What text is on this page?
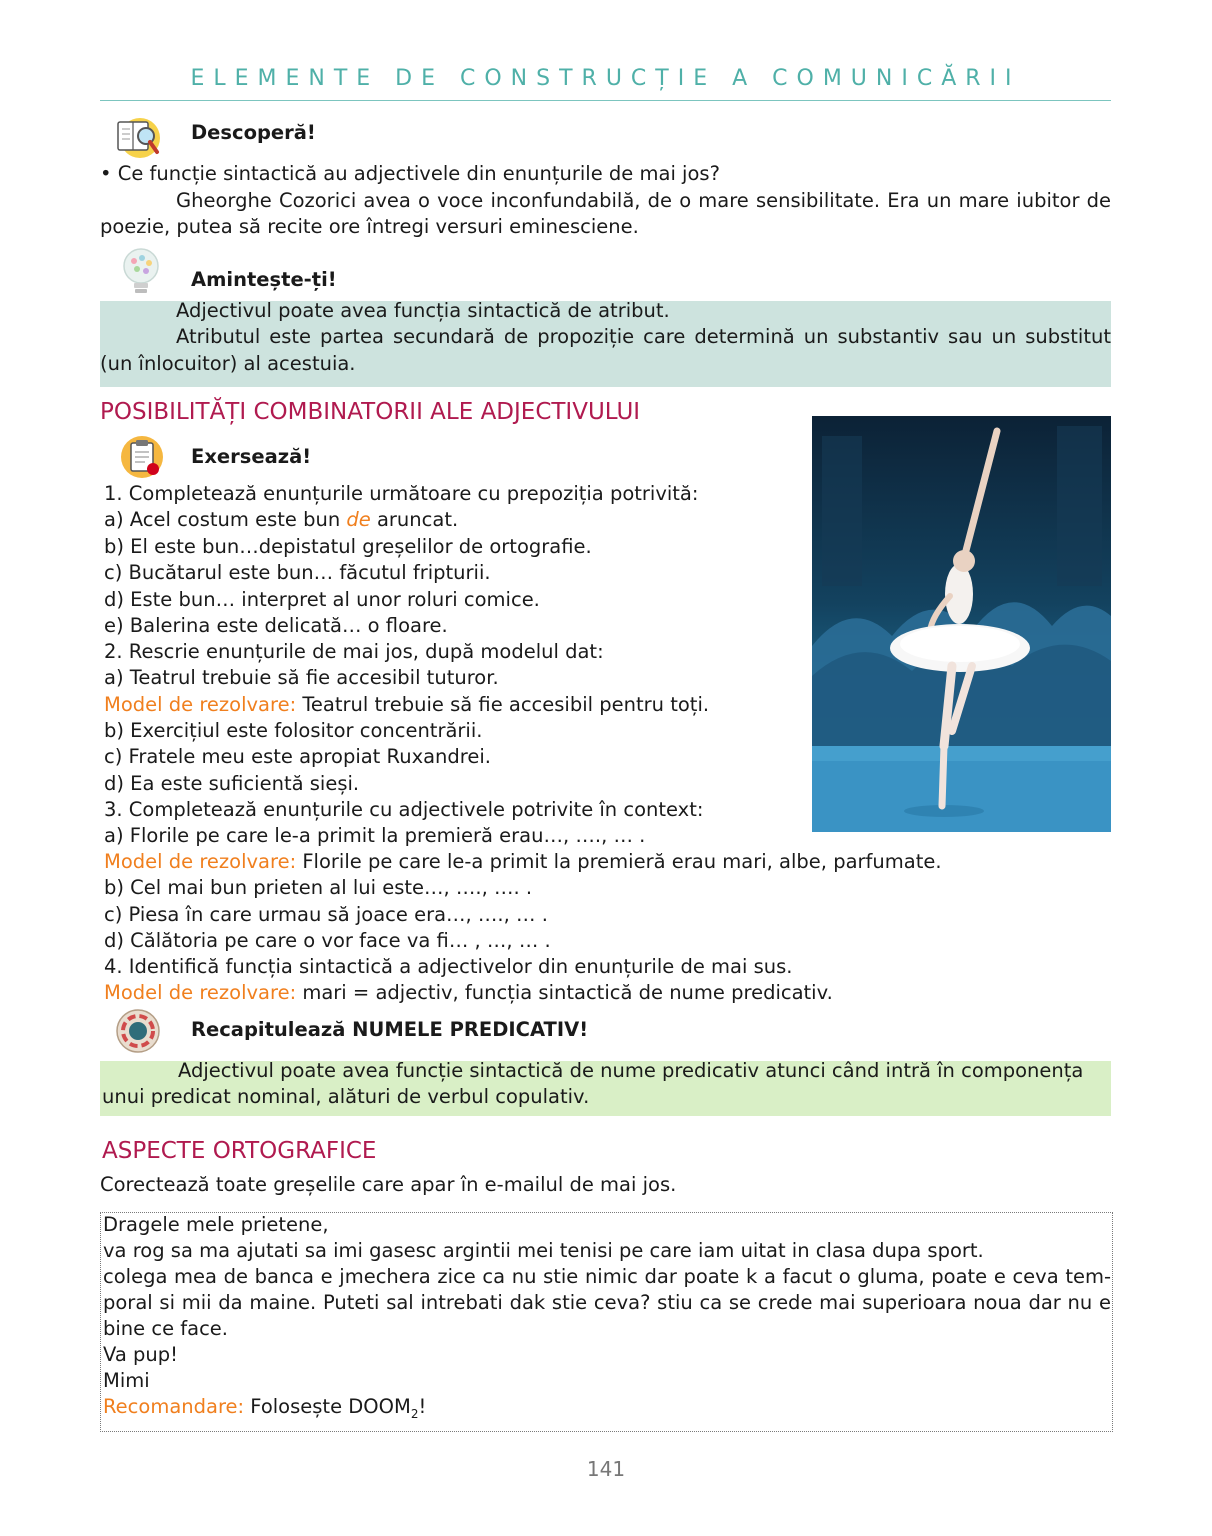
ELEMENTE DE CONSTRUCȚIE A COMUNICĂRII
Descoperă!
• Ce funcție sintactică au adjectivele din enunțurile de mai jos?
Gheorghe Cozorici avea o voce inconfundabilă, de o mare sensibilitate. Era un mare iubitor de
poezie, putea să recite ore întregi versuri eminesciene.
Amintește-ți!
Adjectivul poate avea funcția sintactică de atribut.
Atributul este partea secundară de propoziție care determină un substantiv sau un substitut
(un înlocuitor) al acestuia.
POSIBILITĂȚI COMBINATORII ALE ADJECTIVULUI
Exersează!
1. Completează enunțurile următoare cu prepoziția potrivită:
a) Acel costum este bun de aruncat.
b) El este bun…depistatul greșelilor de ortografie.
c) Bucătarul este bun… făcutul fripturii.
d) Este bun… interpret al unor roluri comice.
e) Balerina este delicată… o floare.
2. Rescrie enunțurile de mai jos, după modelul dat:
a) Teatrul trebuie să fie accesibil tuturor.
Model de rezolvare: Teatrul trebuie să fie accesibil pentru toți.
b) Exercițiul este folositor concentrării.
c) Fratele meu este apropiat Ruxandrei.
d) Ea este suficientă sieși.
3. Completează enunțurile cu adjectivele potrivite în context:
a) Florile pe care le-a primit la premieră erau…, …., … .
Model de rezolvare: Florile pe care le-a primit la premieră erau mari, albe, parfumate.
b) Cel mai bun prieten al lui este…, …., …. .
c) Piesa în care urmau să joace era…, …., … .
d) Călătoria pe care o vor face va fi… , …, … .
4. Identifică funcția sintactică a adjectivelor din enunțurile de mai sus.
Model de rezolvare: mari = adjectiv, funcția sintactică de nume predicativ.
Recapitulează NUMELE PREDICATIV!
Adjectivul poate avea funcție sintactică de nume predicativ atunci când intră în componența
unui predicat nominal, alături de verbul copulativ.
ASPECTE ORTOGRAFICE
Corectează toate greșelile care apar în e-mailul de mai jos.
Dragele mele prietene,
va rog sa ma ajutati sa imi gasesc argintii mei tenisi pe care iam uitat in clasa dupa sport.
colega mea de banca e jmechera zice ca nu stie nimic dar poate k a facut o gluma, poate e ceva tem-
poral si mii da maine. Puteti sal intrebati dak stie ceva? stiu ca se crede mai superioara noua dar nu e
bine ce face.
Va pup!
Mimi
Recomandare: Folosește $DOOM_2$!
141
